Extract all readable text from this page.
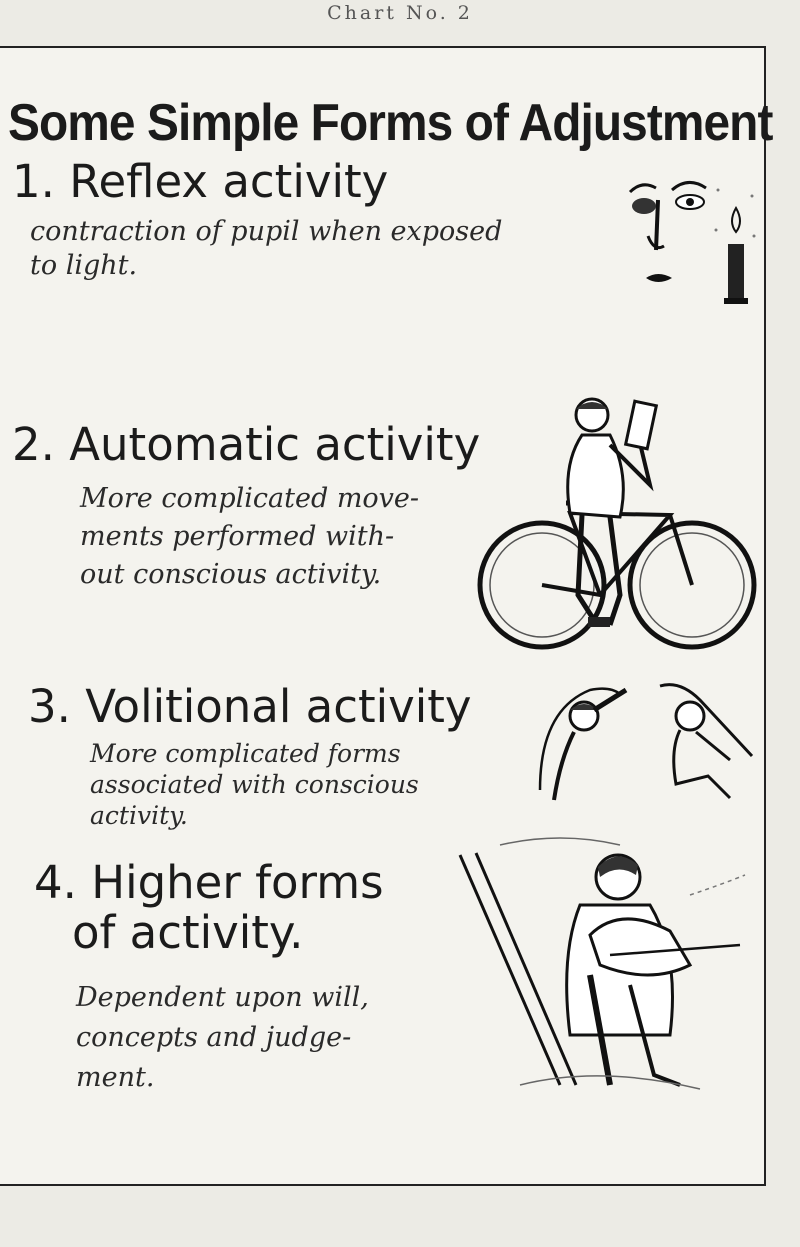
Chart No. 2
Some Simple Forms of Adjustment
1. Reflex activity
contraction of pupil when exposed
to light.
2. Automatic activity
More complicated move-
ments performed with-
out conscious activity.
3. Volitional activity
More complicated forms
associated with conscious
activity.
4. Higher forms
of activity.
Dependent upon will,
concepts and judge-
ment.
